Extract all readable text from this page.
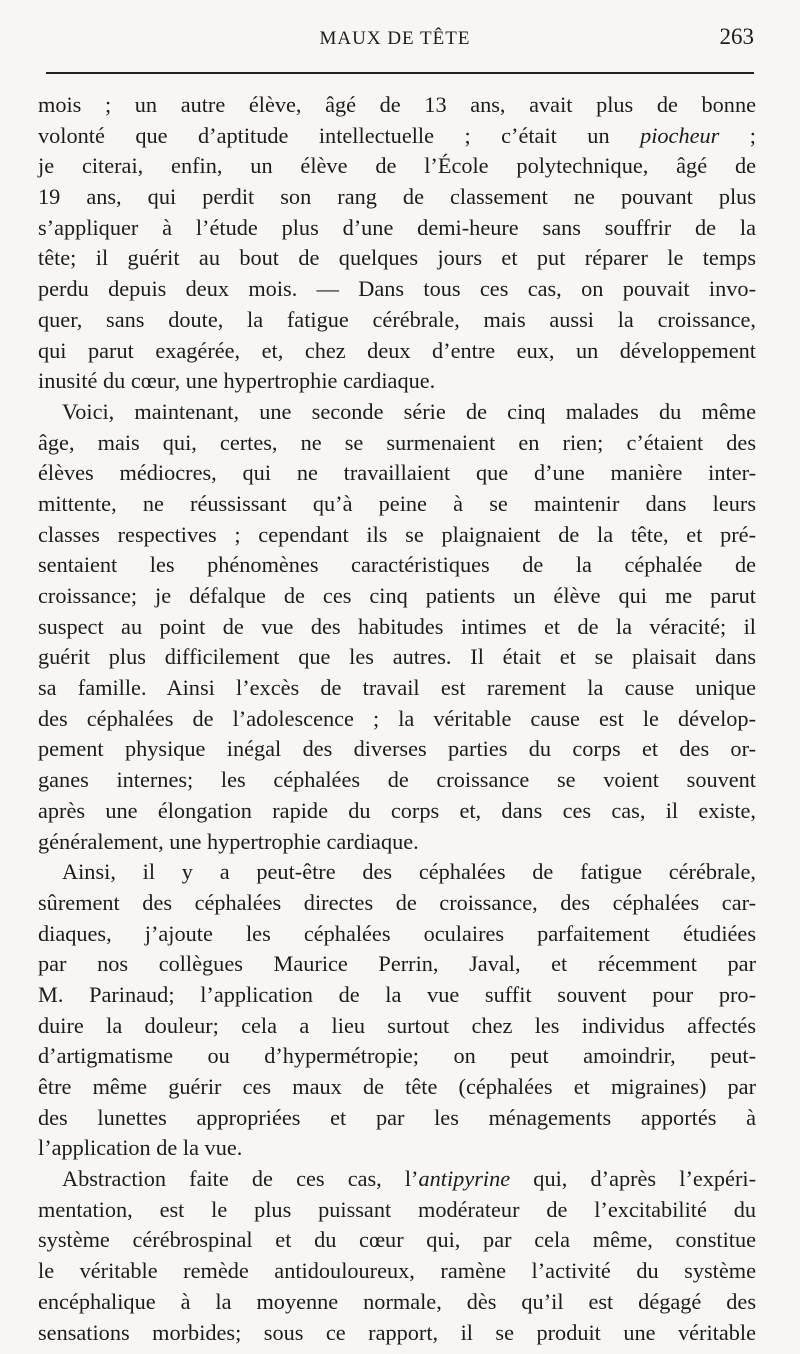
MAUX DE TÊTE	263
mois ; un autre élève, âgé de 13 ans, avait plus de bonne
volonté que d’aptitude intellectuelle ; c’était un piocheur ;
je citerai, enfin, un élève de l’École polytechnique, âgé de
19 ans, qui perdit son rang de classement ne pouvant plus
s’appliquer à l’étude plus d’une demi-heure sans souffrir de la
tête; il guérit au bout de quelques jours et put réparer le temps
perdu depuis deux mois. — Dans tous ces cas, on pouvait invo-
quer, sans doute, la fatigue cérébrale, mais aussi la croissance,
qui parut exagérée, et, chez deux d’entre eux, un développement
inusité du cœur, une hypertrophie cardiaque.
Voici, maintenant, une seconde série de cinq malades du même
âge, mais qui, certes, ne se surmenaient en rien; c’étaient des
élèves médiocres, qui ne travaillaient que d’une manière inter-
mittente, ne réussissant qu’à peine à se maintenir dans leurs
classes respectives ; cependant ils se plaignaient de la tête, et pré-
sentaient les phénomènes caractéristiques de la céphalée de
croissance; je défalque de ces cinq patients un élève qui me parut
suspect au point de vue des habitudes intimes et de la véracité; il
guérit plus difficilement que les autres. Il était et se plaisait dans
sa famille. Ainsi l’excès de travail est rarement la cause unique
des céphalées de l’adolescence ; la véritable cause est le dévelop-
pement physique inégal des diverses parties du corps et des or-
ganes internes; les céphalées de croissance se voient souvent
après une élongation rapide du corps et, dans ces cas, il existe,
généralement, une hypertrophie cardiaque.
Ainsi, il y a peut-être des céphalées de fatigue cérébrale,
sûrement des céphalées directes de croissance, des céphalées car-
diaques, j’ajoute les céphalées oculaires parfaitement étudiées
par nos collègues Maurice Perrin, Javal, et récemment par
M. Parinaud; l’application de la vue suffit souvent pour pro-
duire la douleur; cela a lieu surtout chez les individus affectés
d’artigmatisme ou d’hypermétropie; on peut amoindrir, peut-
être même guérir ces maux de tête (céphalées et migraines) par
des lunettes appropriées et par les ménagements apportés à
l’application de la vue.
Abstraction faite de ces cas, l’antipyrine qui, d’après l’expéri-
mentation, est le plus puissant modérateur de l’excitabilité du
système cérébrospinal et du cœur qui, par cela même, constitue
le véritable remède antidouloureux, ramène l’activité du système
encéphalique à la moyenne normale, dès qu’il est dégagé des
sensations morbides; sous ce rapport, il se produit une véritable
